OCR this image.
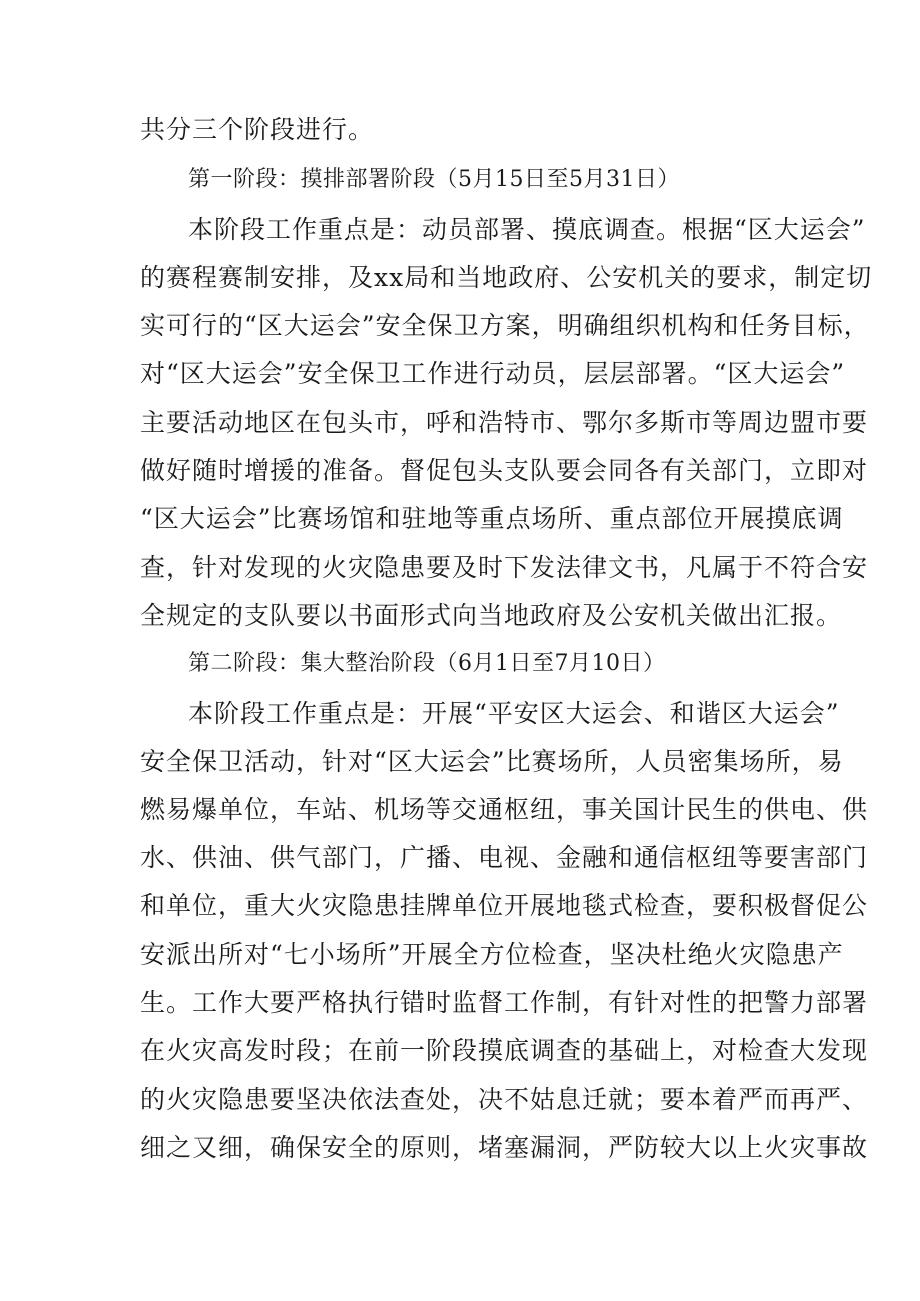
共分三个阶段进行。
第一阶段：摸排部署阶段（5月15日至5月31日）
本阶段工作重点是：动员部署、摸底调查。根据“区大运会”
的赛程赛制安排，及xx局和当地政府、公安机关的要求，制定切
实可行的“区大运会”安全保卫方案，明确组织机构和任务目标，
对“区大运会”安全保卫工作进行动员，层层部署。“区大运会”
主要活动地区在包头市，呼和浩特市、鄂尔多斯市等周边盟市要
做好随时增援的准备。督促包头支队要会同各有关部门，立即对
“区大运会”比赛场馆和驻地等重点场所、重点部位开展摸底调
查，针对发现的火灾隐患要及时下发法律文书，凡属于不符合安
全规定的支队要以书面形式向当地政府及公安机关做出汇报。
第二阶段：集大整治阶段（6月1日至7月10日）
本阶段工作重点是：开展“平安区大运会、和谐区大运会”
安全保卫活动，针对“区大运会”比赛场所，人员密集场所，易
燃易爆单位，车站、机场等交通枢纽，事关国计民生的供电、供
水、供油、供气部门，广播、电视、金融和通信枢纽等要害部门
和单位，重大火灾隐患挂牌单位开展地毯式检查，要积极督促公
安派出所对“七小场所”开展全方位检查，坚决杜绝火灾隐患产
生。工作大要严格执行错时监督工作制，有针对性的把警力部署
在火灾高发时段；在前一阶段摸底调查的基础上，对检查大发现
的火灾隐患要坚决依法查处，决不姑息迁就；要本着严而再严、
细之又细，确保安全的原则，堵塞漏洞，严防较大以上火灾事故
